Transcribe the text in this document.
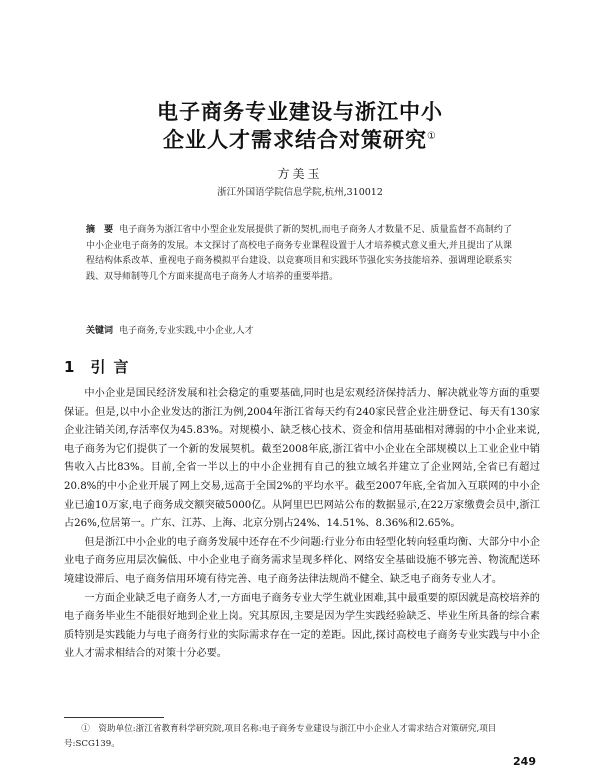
电子商务专业建设与浙江中小
企业人才需求结合对策研究①
方美玉
浙江外国语学院信息学院,杭州,310012
摘　要 电子商务为浙江省中小型企业发展提供了新的契机,而电子商务人才数量不足、质量监督不高制约了中小企业电子商务的发展。本文探讨了高校电子商务专业课程设置于人才培养模式意义重大,并且提出了从课程结构体系改革、重视电子商务模拟平台建设、以竞赛项目和实践环节强化实务技能培养、强调理论联系实践、双导师制等几个方面来提高电子商务人才培养的重要举措。
关键词 电子商务,专业实践,中小企业,人才
1 引言

中小企业是国民经济发展和社会稳定的重要基础,同时也是宏观经济保持活力、解决就业等方面的重要保证。但是,以中小企业发达的浙江为例,2004年浙江省每天约有240家民营企业注册登记、每天有130家企业注销关闭,存活率仅为45.83%。对规模小、缺乏核心技术、资金和信用基础相对薄弱的中小企业来说,电子商务为它们提供了一个新的发展契机。截至2008年底,浙江省中小企业在全部规模以上工业企业中销售收入占比83%。目前,全省一半以上的中小企业拥有自己的独立域名并建立了企业网站,全省已有超过20.8%的中小企业开展了网上交易,远高于全国2%的平均水平。截至2007年底,全省加入互联网的中小企业已逾10万家,电子商务成交额突破5000亿。从阿里巴巴网站公布的数据显示,在22万家缴费会员中,浙江占26%,位居第一。广东、江苏、上海、北京分别占24%、14.51%、8.36%和2.65%。

但是浙江中小企业的电子商务发展中还存在不少问题:行业分布由轻型化转向轻重均衡、大部分中小企业电子商务应用层次偏低、中小企业电子商务需求呈现多样化、网络安全基础设施不够完善、物流配送环境建设滞后、电子商务信用环境有待完善、电子商务法律法规尚不健全、缺乏电子商务专业人才。

一方面企业缺乏电子商务人才,一方面电子商务专业大学生就业困难,其中最重要的原因就是高校培养的电子商务毕业生不能很好地到企业上岗。究其原因,主要是因为学生实践经验缺乏、毕业生所具备的综合素质特别是实践能力与电子商务行业的实际需求存在一定的差距。因此,探讨高校电子商务专业实践与中小企业人才需求相结合的对策十分必要。

①　 资助单位:浙江省教育科学研究院,项目名称:电子商务专业建设与浙江中小企业人才需求结合对策研究,项目号:SCG139。

249
